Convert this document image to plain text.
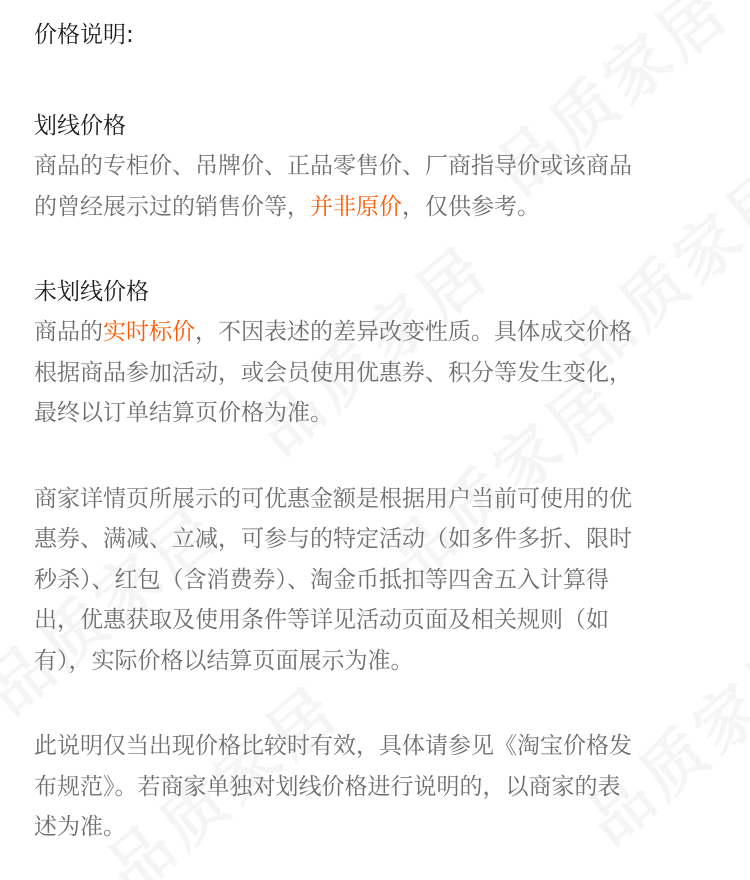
价格说明:

划线价格

商品的专柜价、吊牌价、正品零售价、厂商指导价或该商品

的曾经展示过的销售价等，并非原价，仅供参考。

未划线价格

商品的实时标价，不因表述的差异改变性质。具体成交价格

根据商品参加活动，或会员使用优惠券、积分等发生变化，

最终以订单结算页价格为准。

商家详情页所展示的可优惠金额是根据用户当前可使用的优

惠券、满减、立减，可参与的特定活动（如多件多折、限时

秒杀）、红包（含消费券）、淘金币抵扣等四舍五入计算得

出，优惠获取及使用条件等详见活动页面及相关规则（如

有），实际价格以结算页面展示为准。

此说明仅当出现价格比较时有效，具体请参见《淘宝价格发

布规范》。若商家单独对划线价格进行说明的，以商家的表

述为准。
